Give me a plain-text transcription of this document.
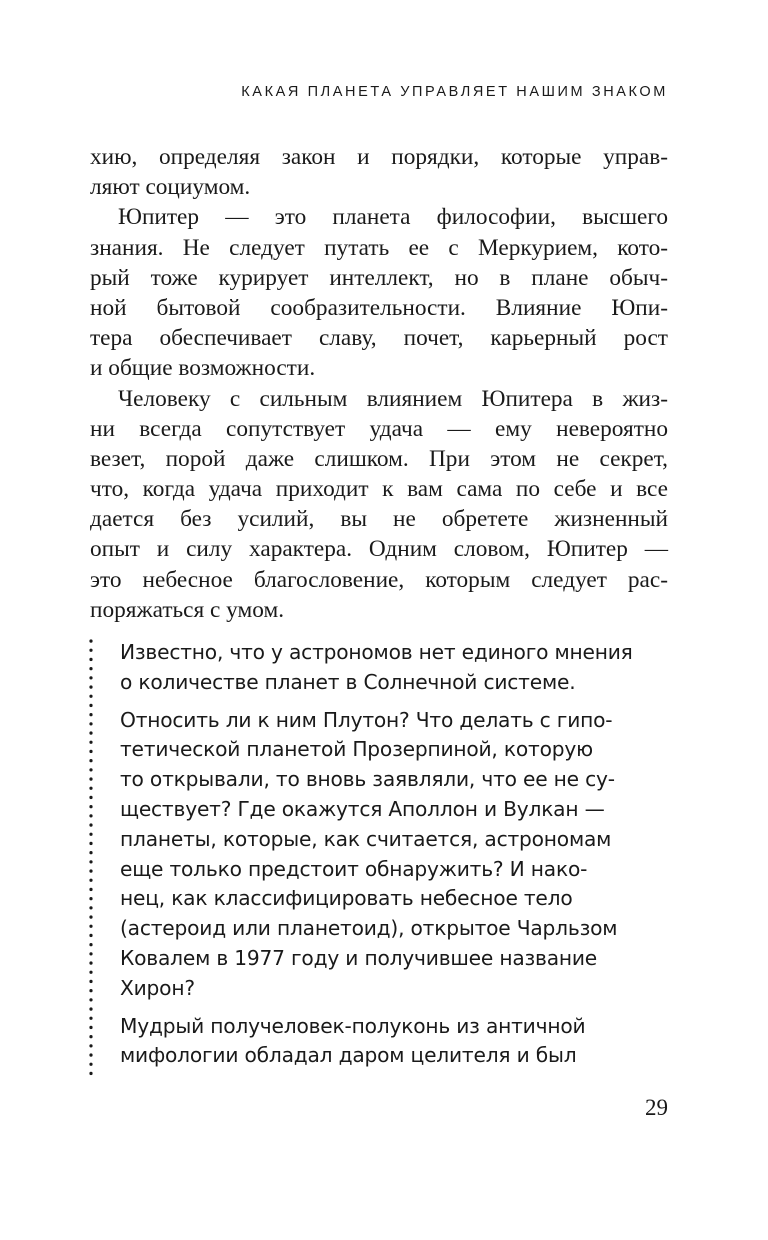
КАКАЯ ПЛАНЕТА УПРАВЛЯЕТ НАШИМ ЗНАКОМ
хию, определяя закон и порядки, которые управ-
ляют социумом.
Юпитер — это планета философии, высшего
знания. Не следует путать ее с Меркурием, кото-
рый тоже курирует интеллект, но в плане обыч-
ной бытовой сообразительности. Влияние Юпи-
тера обеспечивает славу, почет, карьерный рост
и общие возможности.
Человеку с сильным влиянием Юпитера в жиз-
ни всегда сопутствует удача — ему невероятно
везет, порой даже слишком. При этом не секрет,
что, когда удача приходит к вам сама по себе и все
дается без усилий, вы не обретете жизненный
опыт и силу характера. Одним словом, Юпитер —
это небесное благословение, которым следует рас-
поряжаться с умом.
Известно, что у астрономов нет единого мнения
о количестве планет в Солнечной системе.
Относить ли к ним Плутон? Что делать с гипо-
тетической планетой Прозерпиной, которую
то открывали, то вновь заявляли, что ее не су-
ществует? Где окажутся Аполлон и Вулкан —
планеты, которые, как считается, астрономам
еще только предстоит обнаружить? И нако-
нец, как классифицировать небесное тело
(астероид или планетоид), открытое Чарльзом
Ковалем в 1977 году и получившее название
Хирон?
Мудрый получеловек-полуконь из античной
мифологии обладал даром целителя и был
29
